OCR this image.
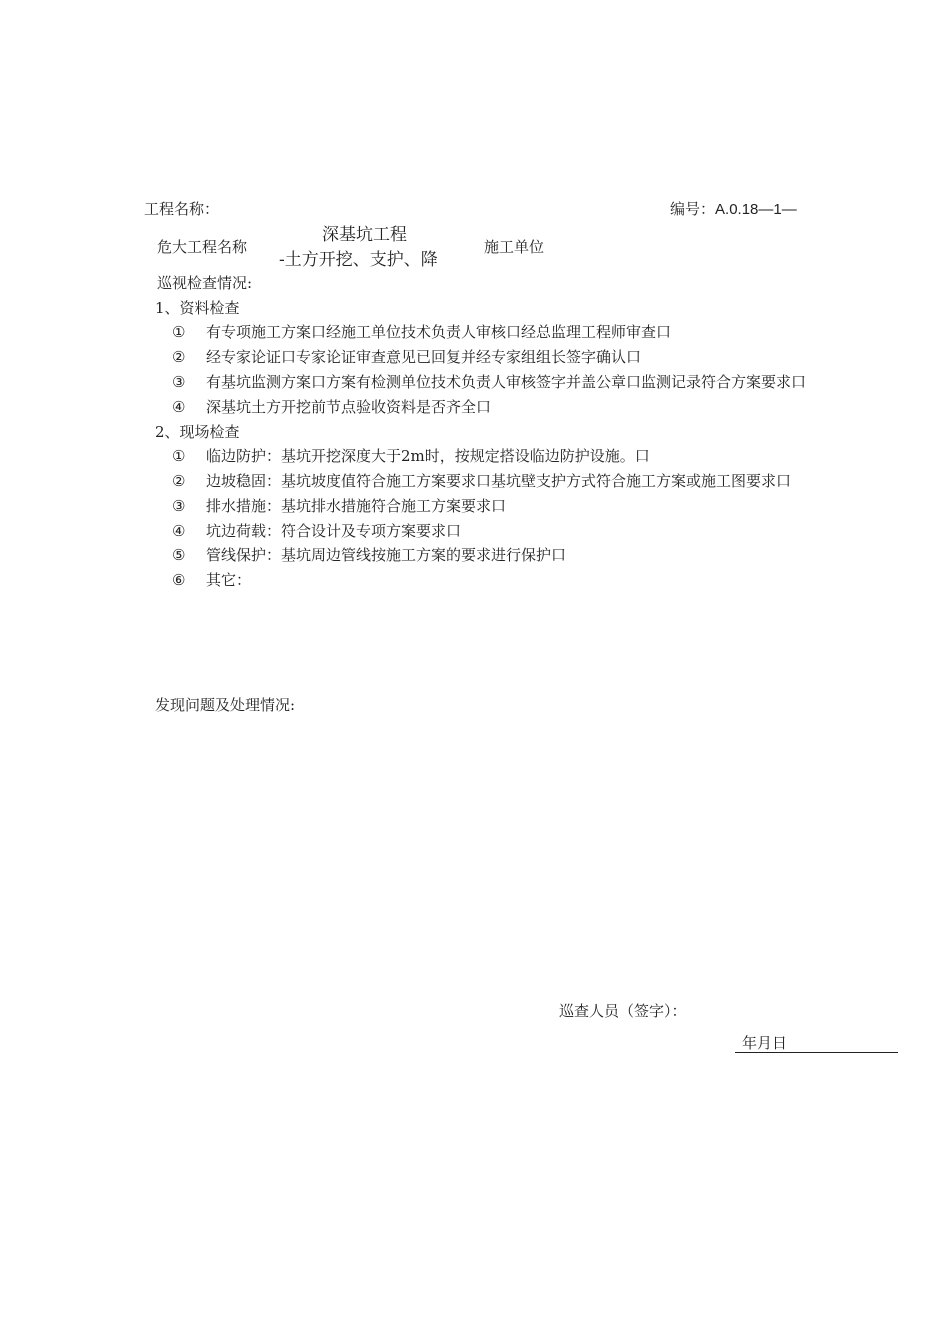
工程名称：	编号：A.0.18—1—
危大工程名称
深基坑工程
-土方开挖、支护、降
施工单位
巡视检查情况:
1、资料检查
① 有专项施工方案口经施工单位技术负责人审核口经总监理工程师审查口
② 经专家论证口专家论证审查意见已回复并经专家组组长签字确认口
③ 有基坑监测方案口方案有检测单位技术负责人审核签字并盖公章口监测记录符合方案要求口
④ 深基坑土方开挖前节点验收资料是否齐全口
2、现场检查
① 临边防护：基坑开挖深度大于2m时，按规定搭设临边防护设施。口
② 边坡稳固：基坑坡度值符合施工方案要求口基坑壁支护方式符合施工方案或施工图要求口
③ 排水措施：基坑排水措施符合施工方案要求口
④ 坑边荷载：符合设计及专项方案要求口
⑤ 管线保护：基坑周边管线按施工方案的要求进行保护口
⑥ 其它：
发现问题及处理情况:
巡查人员（签字）：
年月日
